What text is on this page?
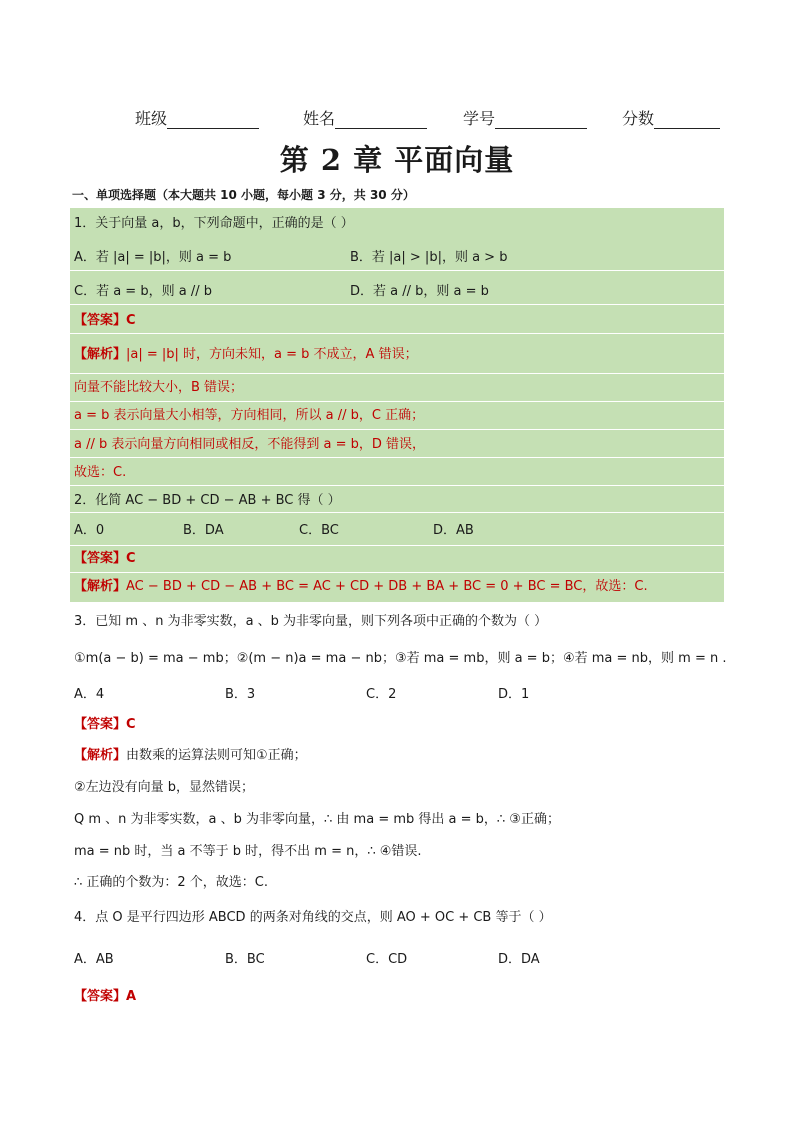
班级	姓名	学号	分数
第 2 章 平面向量
一、单项选择题（本大题共 10 小题，每小题 3 分，共 30 分）
1．关于向量 a，b，下列命题中，正确的是（ ）
A．若 |a| = |b|，则 a = b	B．若 |a| > |b|，则 a > b
C．若 a = b，则 a // b	D．若 a // b，则 a = b
【答案】C
【解析】|a| = |b| 时，方向未知，a = b 不成立，A 错误；
向量不能比较大小，B 错误；
a = b 表示向量大小相等，方向相同，所以 a // b，C 正确；
a // b 表示向量方向相同或相反，不能得到 a = b，D 错误，
故选：C.
2．化简 AC − BD + CD − AB + BC 得（ ）
A．0	B．DA	C．BC	D．AB
【答案】C
【解析】AC − BD + CD − AB + BC = AC + CD + DB + BA + BC = 0 + BC = BC，故选：C.
3．已知 m 、n 为非零实数，a 、b 为非零向量，则下列各项中正确的个数为（ ）
①m(a − b) = ma − mb；②(m − n)a = ma − nb；③若 ma = mb，则 a = b；④若 ma = nb，则 m = n .
A．4	B．3	C．2	D．1
【答案】C
【解析】由数乘的运算法则可知①正确；
②左边没有向量 b，显然错误；
Q m 、n 为非零实数，a 、b 为非零向量，∴ 由 ma = mb 得出 a = b，∴ ③正确；
ma = nb 时，当 a 不等于 b 时，得不出 m = n，∴ ④错误.
∴ 正确的个数为：2 个，故选：C.
4．点 O 是平行四边形 ABCD 的两条对角线的交点，则 AO + OC + CB 等于（ ）
A．AB	B．BC	C．CD	D．DA
【答案】A
